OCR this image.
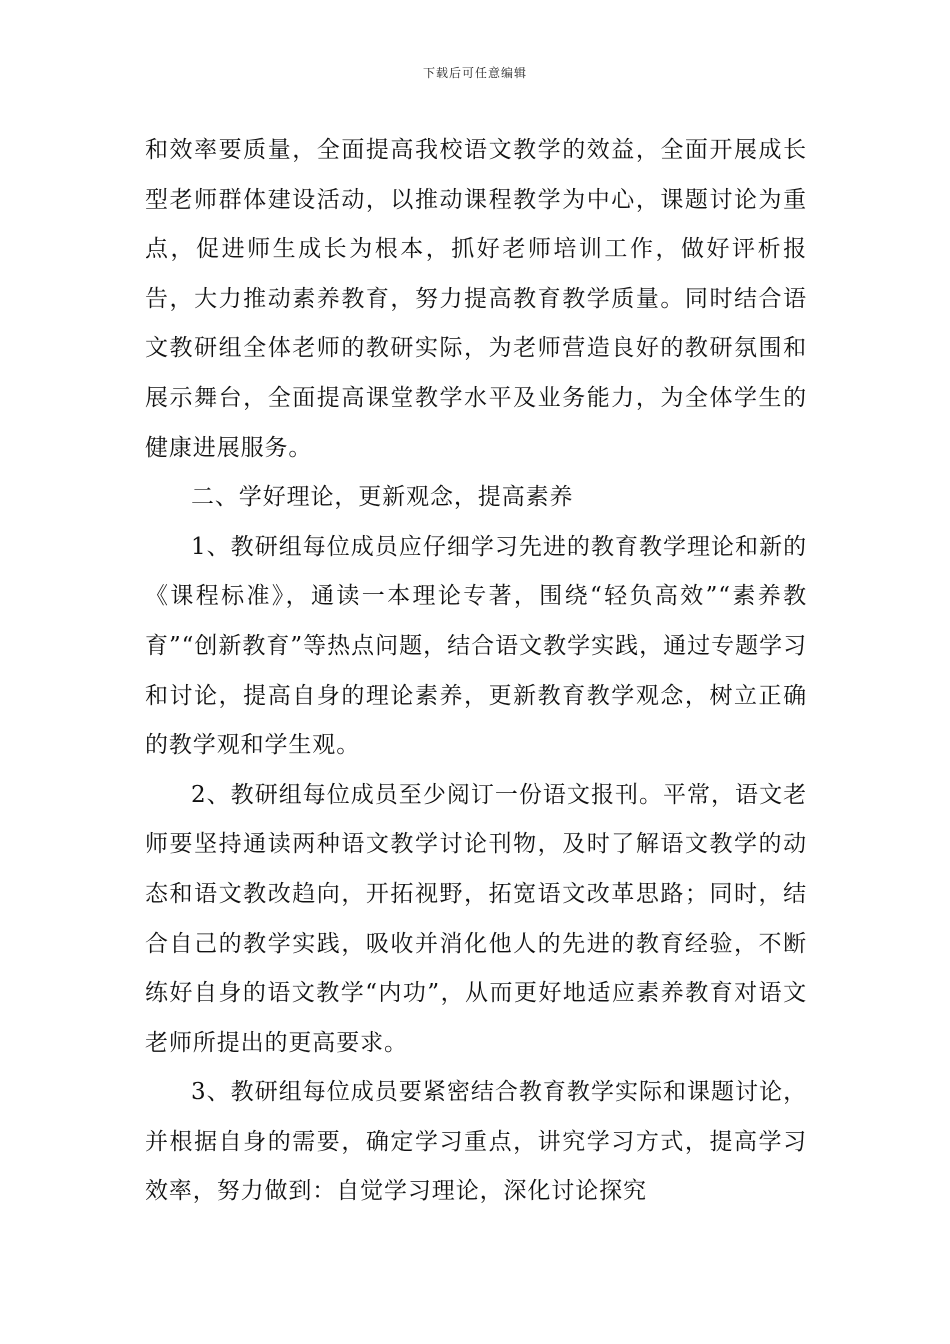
下载后可任意编辑

和效率要质量，全面提高我校语文教学的效益，全面开展成长型老师群体建设活动，以推动课程教学为中心，课题讨论为重点，促进师生成长为根本，抓好老师培训工作，做好评析报告，大力推动素养教育，努力提高教育教学质量。同时结合语文教研组全体老师的教研实际，为老师营造良好的教研氛围和展示舞台，全面提高课堂教学水平及业务能力，为全体学生的健康进展服务。

二、学好理论，更新观念，提高素养

1、教研组每位成员应仔细学习先进的教育教学理论和新的《课程标准》，通读一本理论专著，围绕“轻负高效”“素养教育”“创新教育”等热点问题，结合语文教学实践，通过专题学习和讨论，提高自身的理论素养，更新教育教学观念，树立正确的教学观和学生观。

2、教研组每位成员至少阅订一份语文报刊。平常，语文老师要坚持通读两种语文教学讨论刊物，及时了解语文教学的动态和语文教改趋向，开拓视野，拓宽语文改革思路；同时，结合自己的教学实践，吸收并消化他人的先进的教育经验，不断练好自身的语文教学“内功”，从而更好地适应素养教育对语文老师所提出的更高要求。

3、教研组每位成员要紧密结合教育教学实际和课题讨论，并根据自身的需要，确定学习重点，讲究学习方式，提高学习效率，努力做到：自觉学习理论，深化讨论探究
